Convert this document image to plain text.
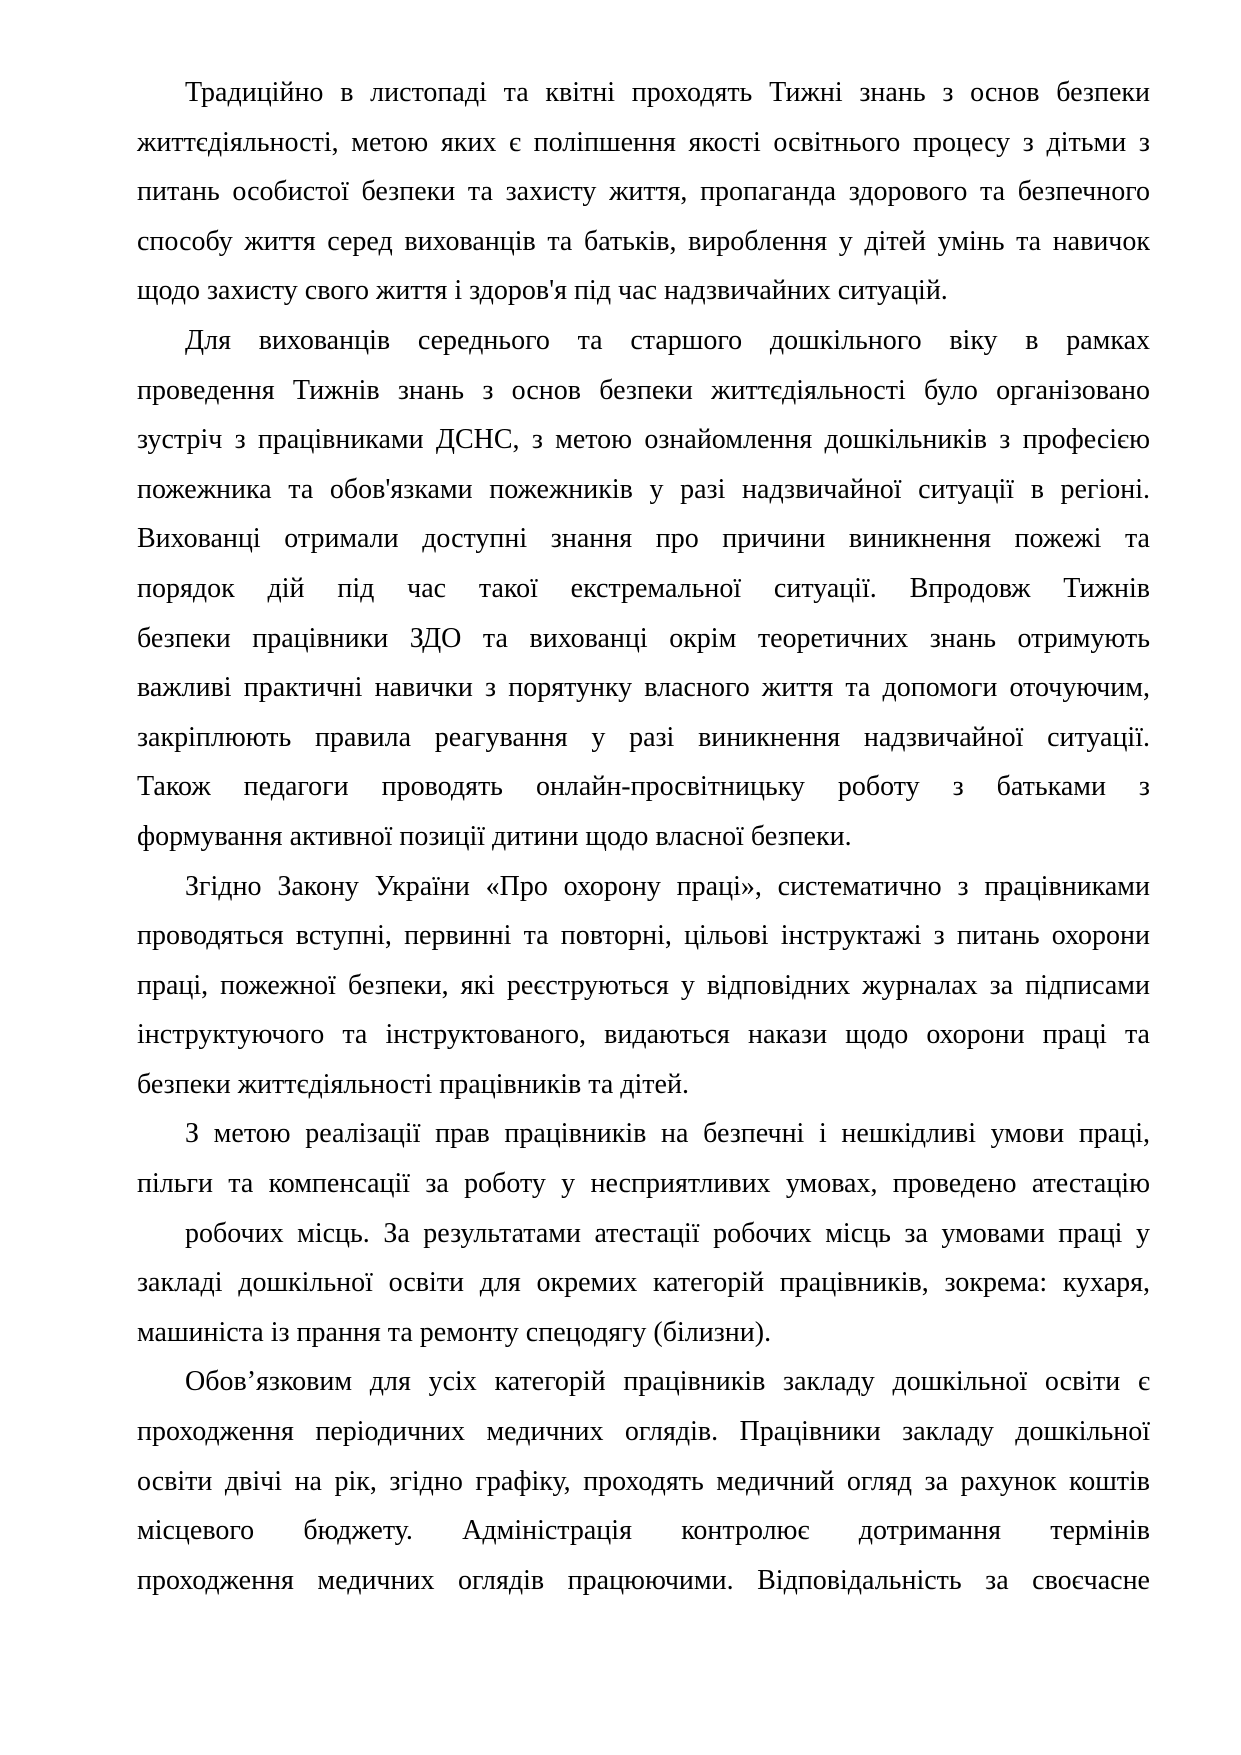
Традиційно в листопаді та квітні проходять Тижні знань з основ безпеки
життєдіяльності, метою яких є поліпшення якості освітнього процесу з дітьми з
питань особистої безпеки та захисту життя, пропаганда здорового та безпечного
способу життя серед вихованців та батьків, вироблення у дітей умінь та навичок
щодо захисту свого життя і здоров'я під час надзвичайних ситуацій.
Для вихованців середнього та старшого дошкільного віку в рамках
проведення Тижнів знань з основ безпеки життєдіяльності було організовано
зустріч з працівниками ДСНС, з метою ознайомлення дошкільників з професією
пожежника та обов'язками пожежників у разі надзвичайної ситуації в регіоні.
Вихованці отримали доступні знання про причини виникнення пожежі та
порядок дій під час такої екстремальної ситуації. Впродовж Тижнів
безпеки працівники ЗДО та вихованці окрім теоретичних знань отримують
важливі практичні навички з порятунку власного життя та допомоги оточуючим,
закріплюють правила реагування у разі виникнення надзвичайної ситуації.
Також педагоги проводять онлайн-просвітницьку роботу з батьками з
формування активної позиції дитини щодо власної безпеки.
Згідно Закону України «Про охорону праці», систематично з працівниками
проводяться вступні, первинні та повторні, цільові інструктажі з питань охорони
праці, пожежної безпеки, які реєструються у відповідних журналах за підписами
інструктуючого та інструктованого, видаються накази щодо охорони праці та
безпеки життєдіяльності працівників та дітей.
З метою реалізації прав працівників на безпечні і нешкідливі умови праці,
пільги та компенсації за роботу у несприятливих умовах, проведено атестацію
робочих місць. За результатами атестації робочих місць за умовами праці у
закладі дошкільної освіти для окремих категорій працівників, зокрема: кухаря,
машиніста із прання та ремонту спецодягу (білизни).
Обов’язковим для усіх категорій працівників закладу дошкільної освіти є
проходження періодичних медичних оглядів. Працівники закладу дошкільної
освіти двічі на рік, згідно графіку, проходять медичний огляд за рахунок коштів
місцевого бюджету. Адміністрація контролює дотримання термінів
проходження медичних оглядів працюючими. Відповідальність за своєчасне
